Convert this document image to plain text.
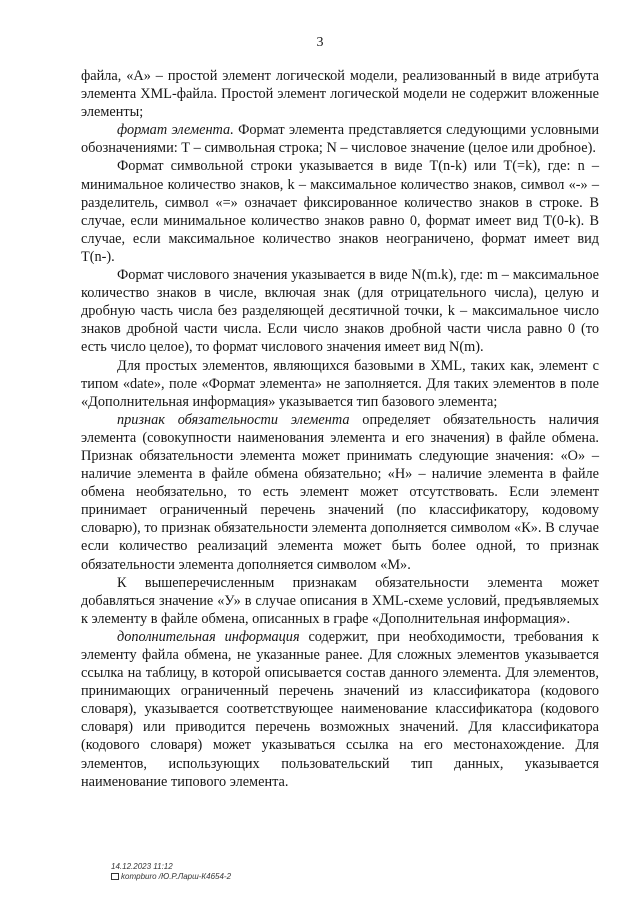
3

файла, «А» – простой элемент логической модели, реализованный в виде атрибута элемента XML-файла. Простой элемент логической модели не содержит вложенные элементы;

формат элемента. Формат элемента представляется следующими условными обозначениями: Т – символьная строка; N – числовое значение (целое или дробное).

Формат символьной строки указывается в виде T(n-k) или T(=k), где: n – минимальное количество знаков, k – максимальное количество знаков, символ «-» – разделитель, символ «=» означает фиксированное количество знаков в строке. В случае, если минимальное количество знаков равно 0, формат имеет вид T(0-k). В случае, если максимальное количество знаков неограничено, формат имеет вид T(n-).

Формат числового значения указывается в виде N(m.k), где: m – максимальное количество знаков в числе, включая знак (для отрицательного числа), целую и дробную часть числа без разделяющей десятичной точки, k – максимальное число знаков дробной части числа. Если число знаков дробной части числа равно 0 (то есть число целое), то формат числового значения имеет вид N(m).

Для простых элементов, являющихся базовыми в XML, таких как, элемент с типом «date», поле «Формат элемента» не заполняется. Для таких элементов в поле «Дополнительная информация» указывается тип базового элемента;

признак обязательности элемента определяет обязательность наличия элемента (совокупности наименования элемента и его значения) в файле обмена. Признак обязательности элемента может принимать следующие значения: «О» – наличие элемента в файле обмена обязательно; «Н» – наличие элемента в файле обмена необязательно, то есть элемент может отсутствовать. Если элемент принимает ограниченный перечень значений (по классификатору, кодовому словарю), то признак обязательности элемента дополняется символом «К». В случае если количество реализаций элемента может быть более одной, то признак обязательности элемента дополняется символом «М».

К вышеперечисленным признакам обязательности элемента может добавляться значение «У» в случае описания в XML-схеме условий, предъявляемых к элементу в файле обмена, описанных в графе «Дополнительная информация».

дополнительная информация содержит, при необходимости, требования к элементу файла обмена, не указанные ранее. Для сложных элементов указывается ссылка на таблицу, в которой описывается состав данного элемента. Для элементов, принимающих ограниченный перечень значений из классификатора (кодового словаря), указывается соответствующее наименование классификатора (кодового словаря) или приводится перечень возможных значений. Для классификатора (кодового словаря) может указываться ссылка на его местонахождение. Для элементов, использующих пользовательский тип данных, указывается наименование типового элемента.

14.12.2023 11:12
kompburo /Ю.Р.Ларш-К4654-2
